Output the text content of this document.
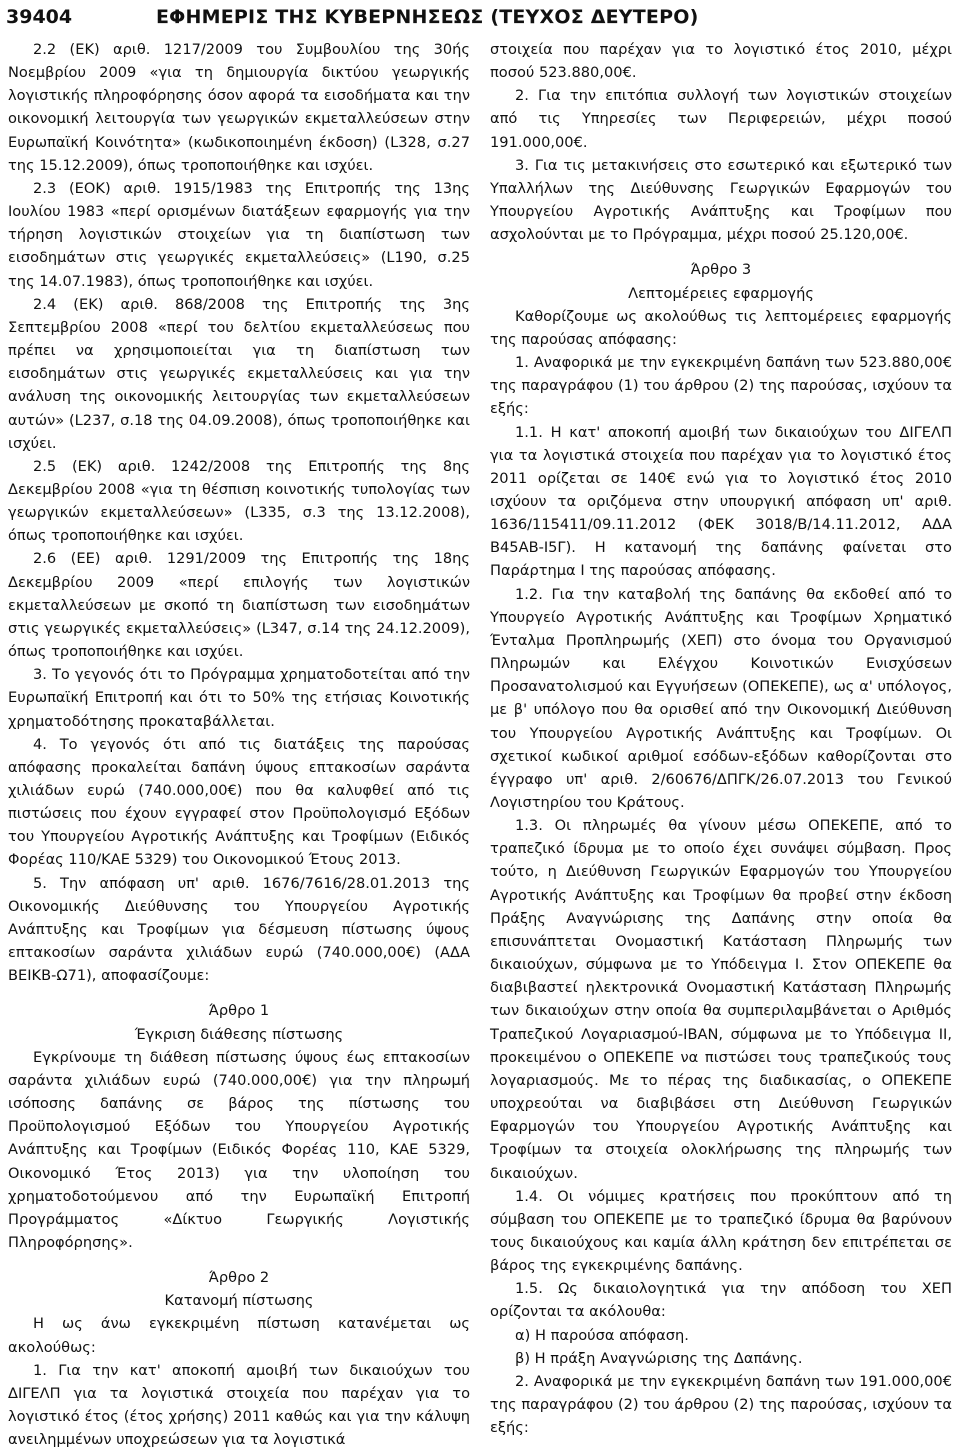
39404	ΕΦΗΜΕΡΙΣ ΤΗΣ ΚΥΒΕΡΝΗΣΕΩΣ (ΤΕΥΧΟΣ ΔΕΥΤΕΡΟ)

2.2 (ΕΚ) αριθ. 1217/2009 του Συμβουλίου της 30ής Νοεμβρίου 2009 «για τη δημιουργία δικτύου γεωργικής λογιστικής πληροφόρησης όσον αφορά τα εισοδήματα και την οικονομική λειτουργία των γεωργικών εκμεταλλεύσεων στην Ευρωπαϊκή Κοινότητα» (κωδικοποιημένη έκδοση) (L328, σ.27 της 15.12.2009), όπως τροποποιήθηκε και ισχύει.

2.3 (ΕΟΚ) αριθ. 1915/1983 της Επιτροπής της 13ης Ιουλίου 1983 «περί ορισμένων διατάξεων εφαρμογής για την τήρηση λογιστικών στοιχείων για τη διαπίστωση των εισοδημάτων στις γεωργικές εκμεταλλεύσεις» (L190, σ.25 της 14.07.1983), όπως τροποποιήθηκε και ισχύει.

2.4 (ΕΚ) αριθ. 868/2008 της Επιτροπής της 3ης Σεπτεμβρίου 2008 «περί του δελτίου εκμεταλλεύσεως που πρέπει να χρησιμοποιείται για τη διαπίστωση των εισοδημάτων στις γεωργικές εκμεταλλεύσεις και για την ανάλυση της οικονομικής λειτουργίας των εκμεταλλεύσεων αυτών» (L237, σ.18 της 04.09.2008), όπως τροποποιήθηκε και ισχύει.

2.5 (ΕΚ) αριθ. 1242/2008 της Επιτροπής της 8ης Δεκεμβρίου 2008 «για τη θέσπιση κοινοτικής τυπολογίας των γεωργικών εκμεταλλεύσεων» (L335, σ.3 της 13.12.2008), όπως τροποποιήθηκε και ισχύει.

2.6 (ΕΕ) αριθ. 1291/2009 της Επιτροπής της 18ης Δεκεμβρίου 2009 «περί επιλογής των λογιστικών εκμεταλλεύσεων με σκοπό τη διαπίστωση των εισοδημάτων στις γεωργικές εκμεταλλεύσεις» (L347, σ.14 της 24.12.2009), όπως τροποποιήθηκε και ισχύει.

3. Το γεγονός ότι το Πρόγραμμα χρηματοδοτείται από την Ευρωπαϊκή Επιτροπή και ότι το 50% της ετήσιας Κοινοτικής χρηματοδότησης προκαταβάλλεται.

4. Το γεγονός ότι από τις διατάξεις της παρούσας απόφασης προκαλείται δαπάνη ύψους επτακοσίων σαράντα χιλιάδων ευρώ (740.000,00€) που θα καλυφθεί από τις πιστώσεις που έχουν εγγραφεί στον Προϋπολογισμό Εξόδων του Υπουργείου Αγροτικής Ανάπτυξης και Τροφίμων (Ειδικός Φορέας 110/ΚΑΕ 5329) του Οικονομικού Έτους 2013.

5. Την απόφαση υπ' αριθ. 1676/7616/28.01.2013 της Οικονομικής Διεύθυνσης του Υπουργείου Αγροτικής Ανάπτυξης και Τροφίμων για δέσμευση πίστωσης ύψους επτακοσίων σαράντα χιλιάδων ευρώ (740.000,00€) (ΑΔΑ ΒΕΙΚΒ-Ω71), αποφασίζουμε:

Άρθρο 1

Έγκριση διάθεσης πίστωσης

Εγκρίνουμε τη διάθεση πίστωσης ύψους έως επτακοσίων σαράντα χιλιάδων ευρώ (740.000,00€) για την πληρωμή ισόποσης δαπάνης σε βάρος της πίστωσης του Προϋπολογισμού Εξόδων του Υπουργείου Αγροτικής Ανάπτυξης και Τροφίμων (Ειδικός Φορέας 110, ΚΑΕ 5329, Οικονομικό Έτος 2013) για την υλοποίηση του χρηματοδοτούμενου από την Ευρωπαϊκή Επιτροπή Προγράμματος «Δίκτυο Γεωργικής Λογιστικής Πληροφόρησης».

Άρθρο 2

Κατανομή πίστωσης

Η ως άνω εγκεκριμένη πίστωση κατανέμεται ως ακολούθως:

1. Για την κατ' αποκοπή αμοιβή των δικαιούχων του ΔΙΓΕΛΠ για τα λογιστικά στοιχεία που παρέχαν για το λογιστικό έτος (έτος χρήσης) 2011 καθώς και για την κάλυψη ανειλημμένων υποχρεώσεων για τα λογιστικά

στοιχεία που παρέχαν για το λογιστικό έτος 2010, μέχρι ποσού 523.880,00€.

2. Για την επιτόπια συλλογή των λογιστικών στοιχείων από τις Υπηρεσίες των Περιφερειών, μέχρι ποσού 191.000,00€.

3. Για τις μετακινήσεις στο εσωτερικό και εξωτερικό των Υπαλλήλων της Διεύθυνσης Γεωργικών Εφαρμογών του Υπουργείου Αγροτικής Ανάπτυξης και Τροφίμων που ασχολούνται με το Πρόγραμμα, μέχρι ποσού 25.120,00€.

Άρθρο 3

Λεπτομέρειες εφαρμογής

Καθορίζουμε ως ακολούθως τις λεπτομέρειες εφαρμογής της παρούσας απόφασης:

1. Αναφορικά με την εγκεκριμένη δαπάνη των 523.880,00€ της παραγράφου (1) του άρθρου (2) της παρούσας, ισχύουν τα εξής:

1.1. Η κατ' αποκοπή αμοιβή των δικαιούχων του ΔΙΓΕΛΠ για τα λογιστικά στοιχεία που παρέχαν για το λογιστικό έτος 2011 ορίζεται σε 140€ ενώ για το λογιστικό έτος 2010 ισχύουν τα οριζόμενα στην υπουργική απόφαση υπ' αριθ. 1636/115411/09.11.2012 (ΦΕΚ 3018/Β/14.11.2012, ΑΔΑ Β45ΑΒ-Ι5Γ). Η κατανομή της δαπάνης φαίνεται στο Παράρτημα Ι της παρούσας απόφασης.

1.2. Για την καταβολή της δαπάνης θα εκδοθεί από το Υπουργείο Αγροτικής Ανάπτυξης και Τροφίμων Χρηματικό Ένταλμα Προπληρωμής (ΧΕΠ) στο όνομα του Οργανισμού Πληρωμών και Ελέγχου Κοινοτικών Ενισχύσεων Προσανατολισμού και Εγγυήσεων (ΟΠΕΚΕΠΕ), ως α' υπόλογος, με β' υπόλογο που θα ορισθεί από την Οικονομική Διεύθυνση του Υπουργείου Αγροτικής Ανάπτυξης και Τροφίμων. Οι σχετικοί κωδικοί αριθμοί εσόδων-εξόδων καθορίζονται στο έγγραφο υπ' αριθ. 2/60676/ΔΠΓΚ/26.07.2013 του Γενικού Λογιστηρίου του Κράτους.

1.3. Οι πληρωμές θα γίνουν μέσω ΟΠΕΚΕΠΕ, από το τραπεζικό ίδρυμα με το οποίο έχει συνάψει σύμβαση. Προς τούτο, η Διεύθυνση Γεωργικών Εφαρμογών του Υπουργείου Αγροτικής Ανάπτυξης και Τροφίμων θα προβεί στην έκδοση Πράξης Αναγνώρισης της Δαπάνης στην οποία θα επισυνάπτεται Ονομαστική Κατάσταση Πληρωμής των δικαιούχων, σύμφωνα με το Υπόδειγμα Ι. Στον ΟΠΕΚΕΠΕ θα διαβιβαστεί ηλεκτρονικά Ονομαστική Κατάσταση Πληρωμής των δικαιούχων στην οποία θα συμπεριλαμβάνεται ο Αριθμός Τραπεζικού Λογαριασμού-IBAN, σύμφωνα με το Υπόδειγμα ΙΙ, προκειμένου ο ΟΠΕΚΕΠΕ να πιστώσει τους τραπεζικούς τους λογαριασμούς. Με το πέρας της διαδικασίας, ο ΟΠΕΚΕΠΕ υποχρεούται να διαβιβάσει στη Διεύθυνση Γεωργικών Εφαρμογών του Υπουργείου Αγροτικής Ανάπτυξης και Τροφίμων τα στοιχεία ολοκλήρωσης της πληρωμής των δικαιούχων.

1.4. Οι νόμιμες κρατήσεις που προκύπτουν από τη σύμβαση του ΟΠΕΚΕΠΕ με το τραπεζικό ίδρυμα θα βαρύνουν τους δικαιούχους και καμία άλλη κράτηση δεν επιτρέπεται σε βάρος της εγκεκριμένης δαπάνης.

1.5. Ως δικαιολογητικά για την απόδοση του ΧΕΠ ορίζονται τα ακόλουθα:

α) Η παρούσα απόφαση.

β) Η πράξη Αναγνώρισης της Δαπάνης.

2. Αναφορικά με την εγκεκριμένη δαπάνη των 191.000,00€ της παραγράφου (2) του άρθρου (2) της παρούσας, ισχύουν τα εξής:
